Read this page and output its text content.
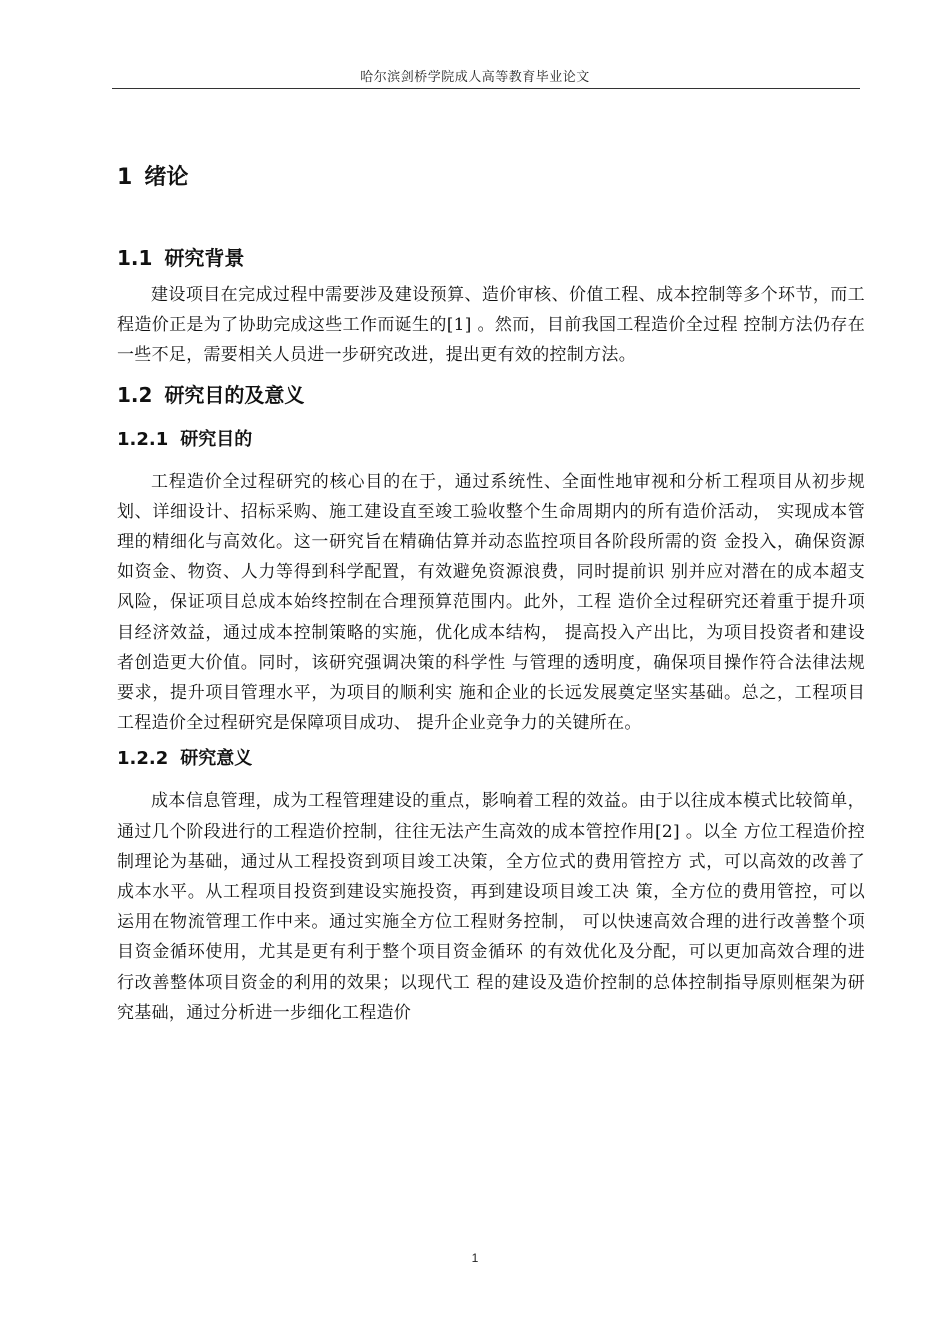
哈尔滨剑桥学院成人高等教育毕业论文
1 绪论
1.1 研究背景

建设项目在完成过程中需要涉及建设预算、造价审核、价值工程、成本控制等多个环节，而工程造价正是为了协助完成这些工作而诞生的[1] 。然而，目前我国工程造价全过程 控制方法仍存在一些不足，需要相关人员进一步研究改进，提出更有效的控制方法。

1.2 研究目的及意义
1.2.1 研究目的

工程造价全过程研究的核心目的在于，通过系统性、全面性地审视和分析工程项目从初步规划、详细设计、招标采购、施工建设直至竣工验收整个生命周期内的所有造价活动， 实现成本管理的精细化与高效化。这一研究旨在精确估算并动态监控项目各阶段所需的资 金投入，确保资源如资金、物资、人力等得到科学配置，有效避免资源浪费，同时提前识 别并应对潜在的成本超支风险，保证项目总成本始终控制在合理预算范围内。此外，工程 造价全过程研究还着重于提升项目经济效益，通过成本控制策略的实施，优化成本结构， 提高投入产出比，为项目投资者和建设者创造更大价值。同时，该研究强调决策的科学性 与管理的透明度，确保项目操作符合法律法规要求，提升项目管理水平，为项目的顺利实 施和企业的长远发展奠定坚实基础。总之，工程项目工程造价全过程研究是保障项目成功、 提升企业竞争力的关键所在。

1.2.2 研究意义

成本信息管理，成为工程管理建设的重点，影响着工程的效益。由于以往成本模式比较简单，通过几个阶段进行的工程造价控制，往往无法产生高效的成本管控作用[2] 。以全 方位工程造价控制理论为基础，通过从工程投资到项目竣工决策，全方位式的费用管控方 式，可以高效的改善了成本水平。从工程项目投资到建设实施投资，再到建设项目竣工决 策，全方位的费用管控，可以运用在物流管理工作中来。通过实施全方位工程财务控制， 可以快速高效合理的进行改善整个项目资金循环使用，尤其是更有利于整个项目资金循环 的有效优化及分配，可以更加高效合理的进行改善整体项目资金的利用的效果；以现代工 程的建设及造价控制的总体控制指导原则框架为研究基础，通过分析进一步细化工程造价

1
